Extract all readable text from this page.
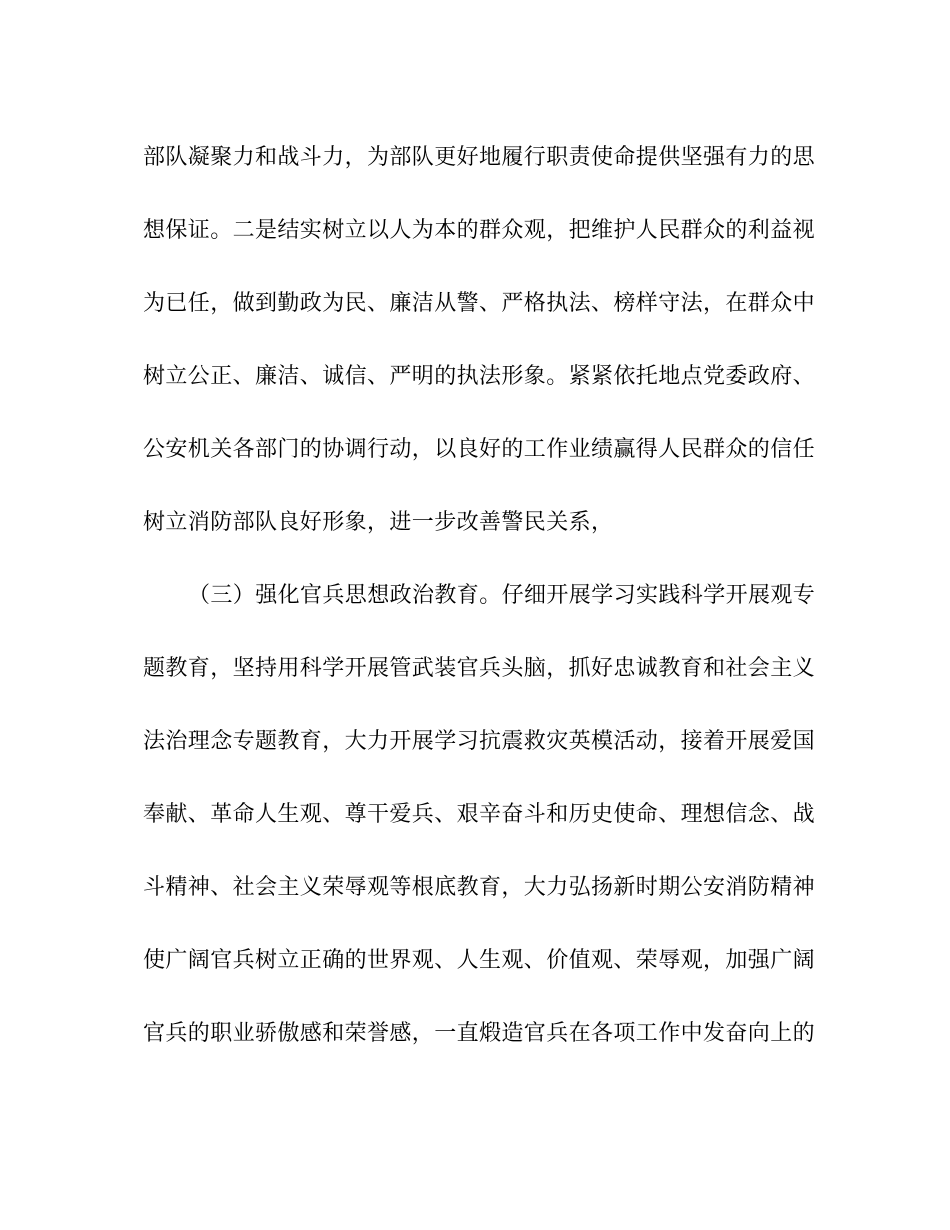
部队凝聚力和战斗力，为部队更好地履行职责使命提供坚强有力的思
想保证。二是结实树立以人为本的群众观，把维护人民群众的利益视
为已任，做到勤政为民、廉洁从警、严格执法、榜样守法，在群众中
树立公正、廉洁、诚信、严明的执法形象。紧紧依托地点党委政府、
公安机关各部门的协调行动，以良好的工作业绩赢得人民群众的信任
树立消防部队良好形象，进一步改善警民关系，
（三）强化官兵思想政治教育。仔细开展学习实践科学开展观专
题教育，坚持用科学开展管武装官兵头脑，抓好忠诚教育和社会主义
法治理念专题教育，大力开展学习抗震救灾英模活动，接着开展爱国
奉献、革命人生观、尊干爱兵、艰辛奋斗和历史使命、理想信念、战
斗精神、社会主义荣辱观等根底教育，大力弘扬新时期公安消防精神
使广阔官兵树立正确的世界观、人生观、价值观、荣辱观，加强广阔
官兵的职业骄傲感和荣誉感，一直煅造官兵在各项工作中发奋向上的
